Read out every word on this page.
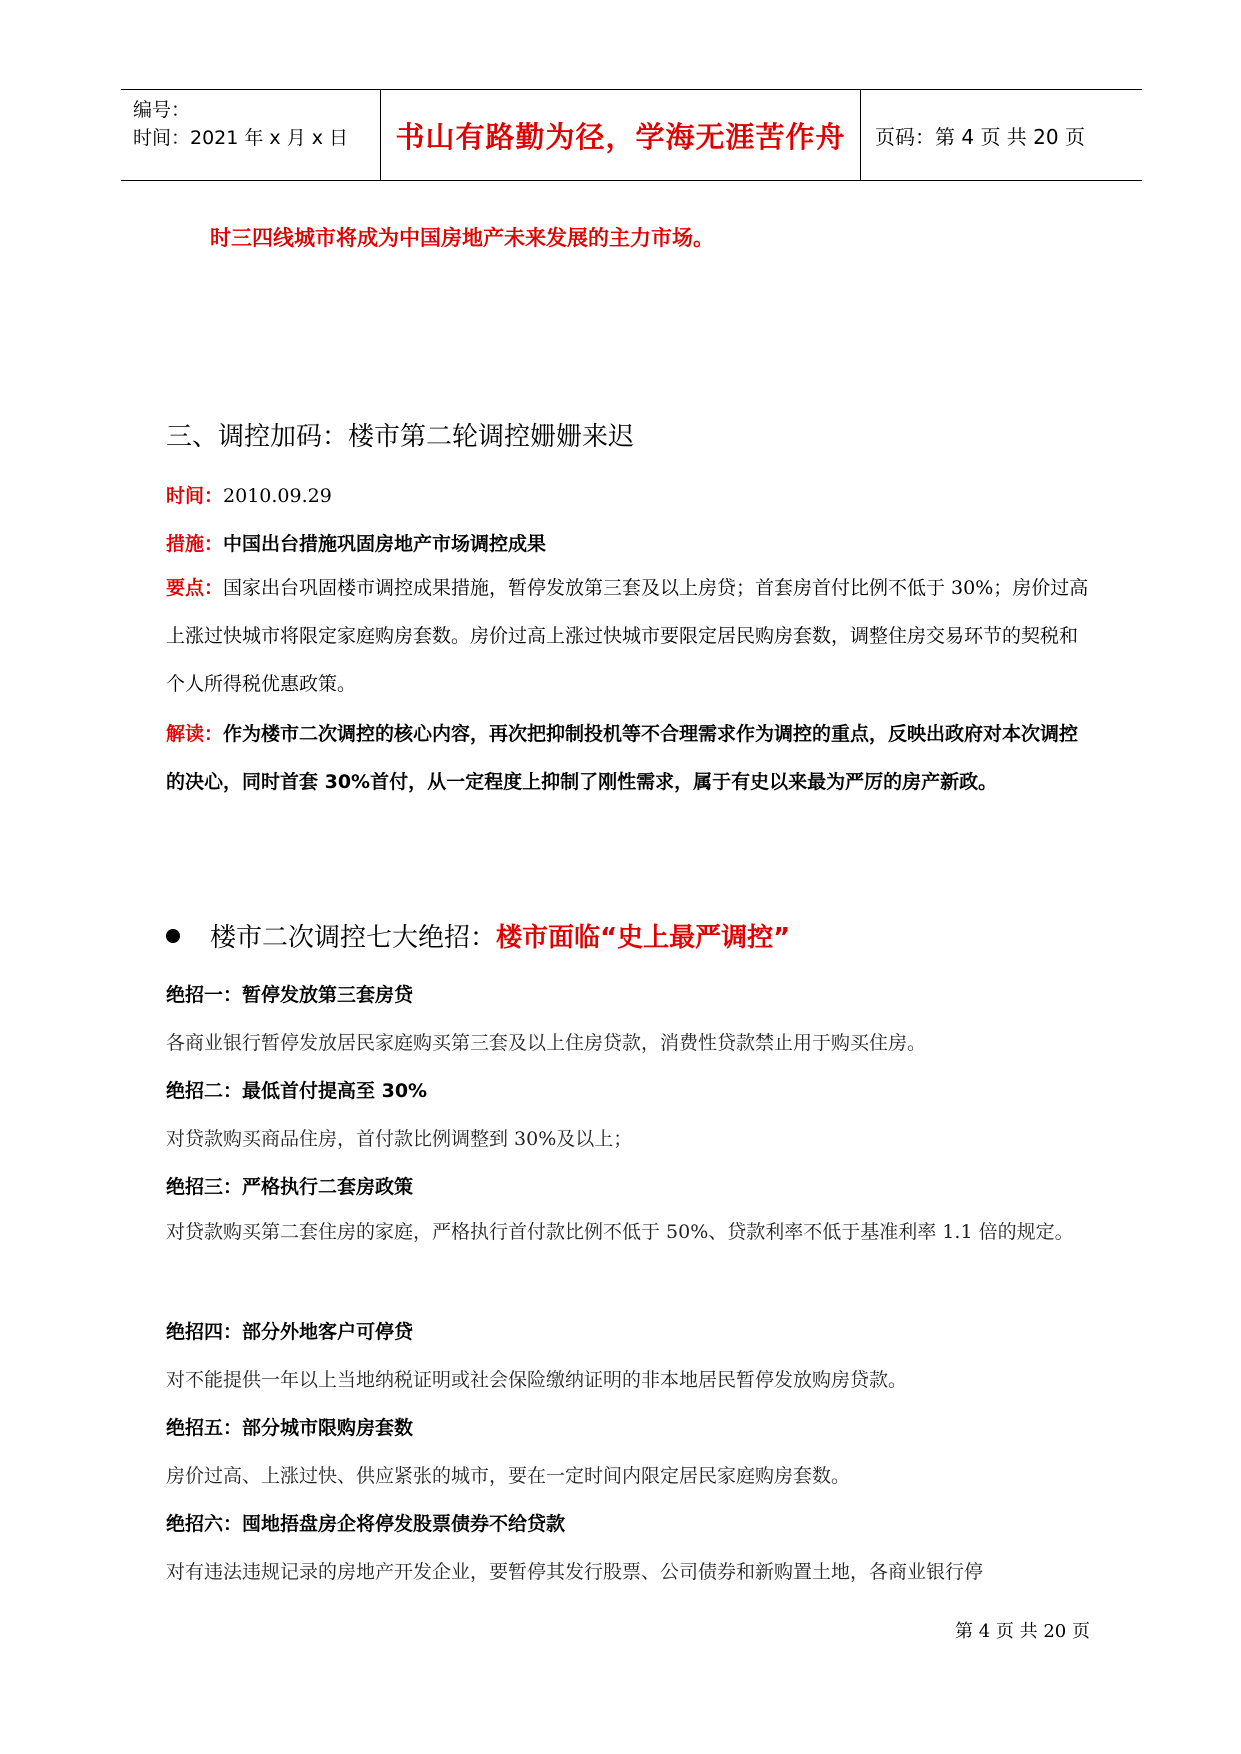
编号：
时间：2021 年 x 月 x 日	书山有路勤为径，学海无涯苦作舟	页码：第 4 页 共 20 页
时三四线城市将成为中国房地产未来发展的主力市场。
三、调控加码：楼市第二轮调控姗姗来迟
时间：2010.09.29
措施：中国出台措施巩固房地产市场调控成果
要点：国家出台巩固楼市调控成果措施，暂停发放第三套及以上房贷；首套房首付比例不低于 30%；房价过高上涨过快城市将限定家庭购房套数。房价过高上涨过快城市要限定居民购房套数，调整住房交易环节的契税和个人所得税优惠政策。
解读：作为楼市二次调控的核心内容，再次把抑制投机等不合理需求作为调控的重点，反映出政府对本次调控的决心，同时首套 30%首付，从一定程度上抑制了刚性需求，属于有史以来最为严厉的房产新政。
楼市二次调控七大绝招：楼市面临“史上最严调控”
绝招一：暂停发放第三套房贷
各商业银行暂停发放居民家庭购买第三套及以上住房贷款，消费性贷款禁止用于购买住房。
绝招二：最低首付提高至 30%
对贷款购买商品住房，首付款比例调整到 30%及以上；
绝招三：严格执行二套房政策
对贷款购买第二套住房的家庭，严格执行首付款比例不低于 50%、贷款利率不低于基准利率 1.1 倍的规定。
绝招四：部分外地客户可停贷
对不能提供一年以上当地纳税证明或社会保险缴纳证明的非本地居民暂停发放购房贷款。
绝招五：部分城市限购房套数
房价过高、上涨过快、供应紧张的城市，要在一定时间内限定居民家庭购房套数。
绝招六：囤地捂盘房企将停发股票债券不给贷款
对有违法违规记录的房地产开发企业，要暂停其发行股票、公司债券和新购置土地，各商业银行停
第 4 页 共 20 页
